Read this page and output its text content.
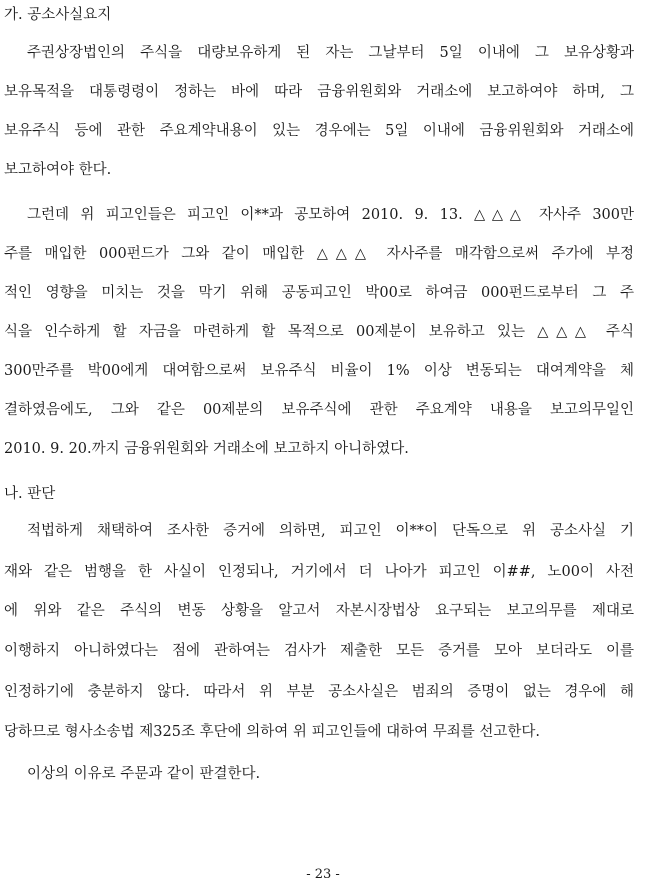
가. 공소사실요지
주권상장법인의 주식을 대량보유하게 된 자는 그날부터 5일 이내에 그 보유상황과
보유목적을 대통령령이 정하는 바에 따라 금융위원회와 거래소에 보고하여야 하며, 그
보유주식 등에 관한 주요계약내용이 있는 경우에는 5일 이내에 금융위원회와 거래소에
보고하여야 한다.
그런데 위 피고인들은 피고인 이**과 공모하여 2010. 9. 13. △△△ 자사주 300만
주를 매입한 000펀드가 그와 같이 매입한 △△△ 자사주를 매각함으로써 주가에 부정
적인 영향을 미치는 것을 막기 위해 공동피고인 박00로 하여금 000펀드로부터 그 주
식을 인수하게 할 자금을 마련하게 할 목적으로 00제분이 보유하고 있는 △△△ 주식
300만주를 박00에게 대여함으로써 보유주식 비율이 1% 이상 변동되는 대여계약을 체
결하였음에도, 그와 같은 00제분의 보유주식에 관한 주요계약 내용을 보고의무일인
2010. 9. 20.까지 금융위원회와 거래소에 보고하지 아니하였다.
나. 판단
적법하게 채택하여 조사한 증거에 의하면, 피고인 이**이 단독으로 위 공소사실 기
재와 같은 범행을 한 사실이 인정되나, 거기에서 더 나아가 피고인 이##, 노00이 사전
에 위와 같은 주식의 변동 상황을 알고서 자본시장법상 요구되는 보고의무를 제대로
이행하지 아니하였다는 점에 관하여는 검사가 제출한 모든 증거를 모아 보더라도 이를
인정하기에 충분하지 않다. 따라서 위 부분 공소사실은 범죄의 증명이 없는 경우에 해
당하므로 형사소송법 제325조 후단에 의하여 위 피고인들에 대하여 무죄를 선고한다.
이상의 이유로 주문과 같이 판결한다.
- 23 -
